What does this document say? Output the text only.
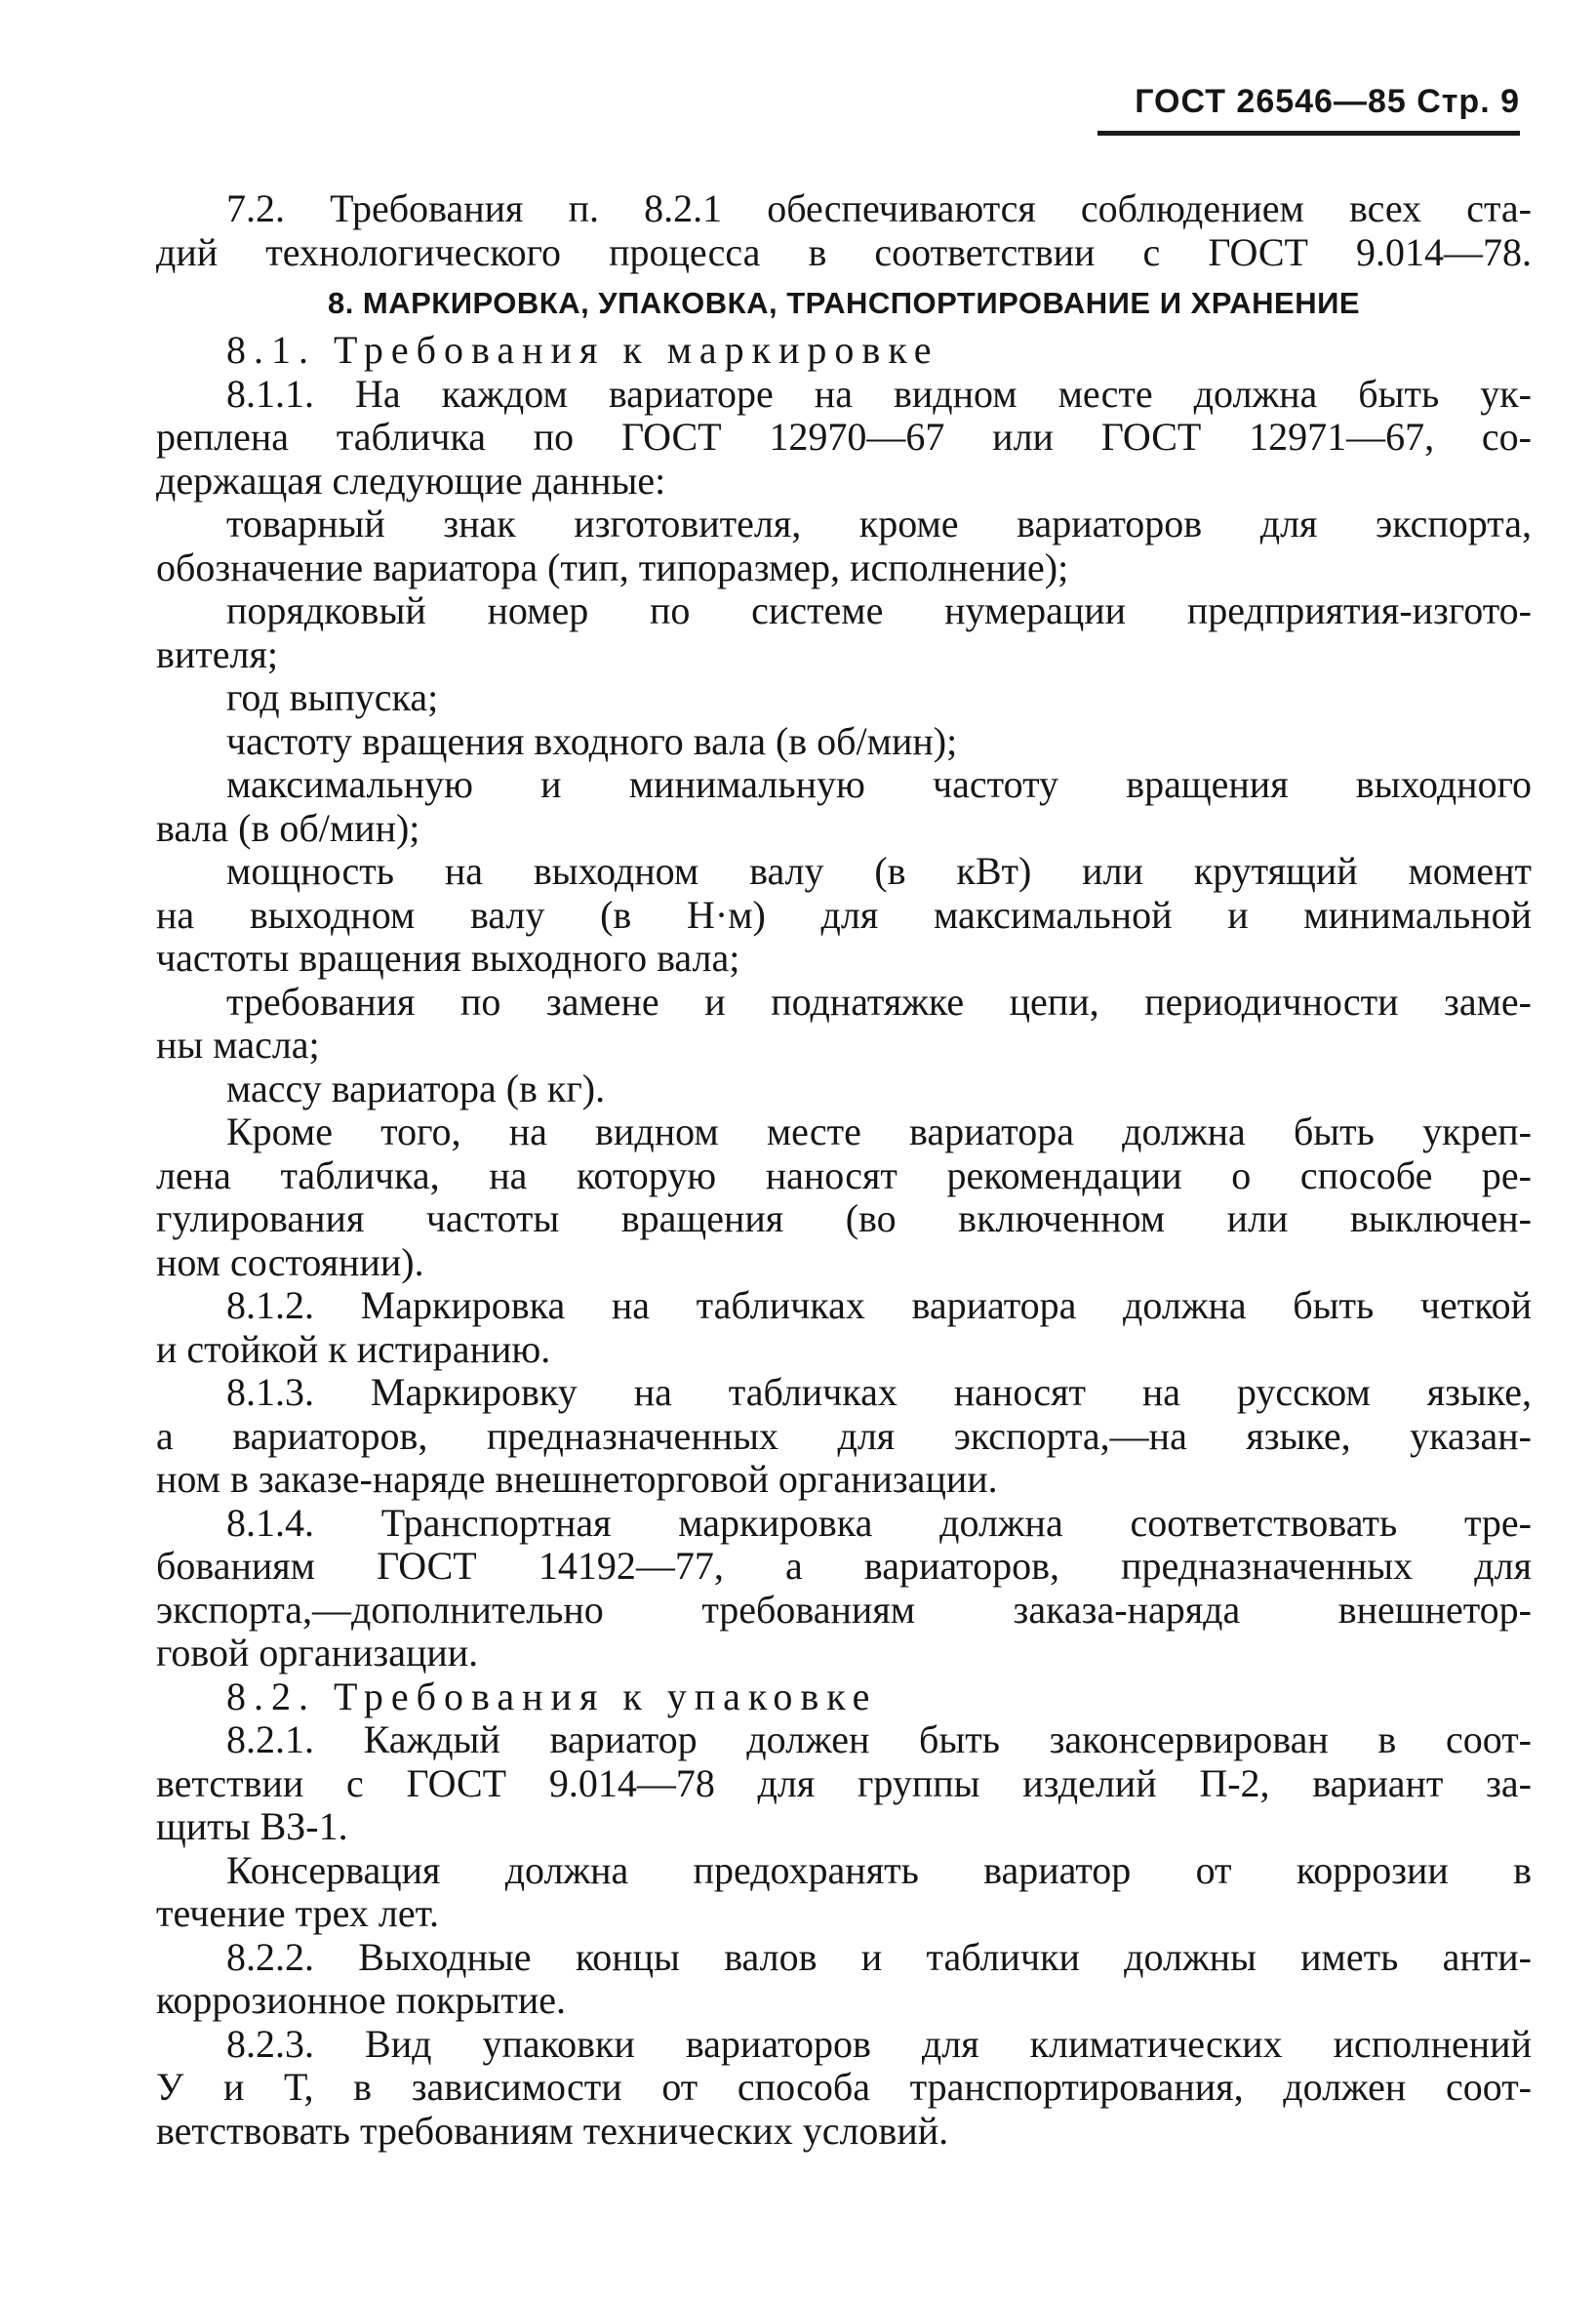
ГОСТ 26546—85 Стр. 9
7.2. Требования п. 8.2.1 обеспечиваются соблюдением всех ста-
дий технологического процесса в соответствии с ГОСТ 9.014—78.
8. МАРКИРОВКА, УПАКОВКА, ТРАНСПОРТИРОВАНИЕ И ХРАНЕНИЕ
8.1. Требования к маркировке
8.1.1. На каждом вариаторе на видном месте должна быть ук-
реплена табличка по ГОСТ 12970—67 или ГОСТ 12971—67, со-
держащая следующие данные:
товарный знак изготовителя, кроме вариаторов для экспорта,
обозначение вариатора (тип, типоразмер, исполнение);
порядковый номер по системе нумерации предприятия-изгото-
вителя;
год выпуска;
частоту вращения входного вала (в об/мин);
максимальную и минимальную частоту вращения выходного
вала (в об/мин);
мощность на выходном валу (в кВт) или крутящий момент
на выходном валу (в Н·м) для максимальной и минимальной
частоты вращения выходного вала;
требования по замене и поднатяжке цепи, периодичности заме-
ны масла;
массу вариатора (в кг).
Кроме того, на видном месте вариатора должна быть укреп-
лена табличка, на которую наносят рекомендации о способе ре-
гулирования частоты вращения (во включенном или выключен-
ном состоянии).
8.1.2. Маркировка на табличках вариатора должна быть четкой
и стойкой к истиранию.
8.1.3. Маркировку на табличках наносят на русском языке,
а вариаторов, предназначенных для экспорта,—на языке, указан-
ном в заказе-наряде внешнеторговой организации.
8.1.4. Транспортная маркировка должна соответствовать тре-
бованиям ГОСТ 14192—77, а вариаторов, предназначенных для
экспорта,—дополнительно требованиям заказа-наряда внешнетор-
говой организации.
8.2. Требования к упаковке
8.2.1. Каждый вариатор должен быть законсервирован в соот-
ветствии с ГОСТ 9.014—78 для группы изделий П-2, вариант за-
щиты ВЗ-1.
Консервация должна предохранять вариатор от коррозии в
течение трех лет.
8.2.2. Выходные концы валов и таблички должны иметь анти-
коррозионное покрытие.
8.2.3. Вид упаковки вариаторов для климатических исполнений
У и Т, в зависимости от способа транспортирования, должен соот-
ветствовать требованиям технических условий.
